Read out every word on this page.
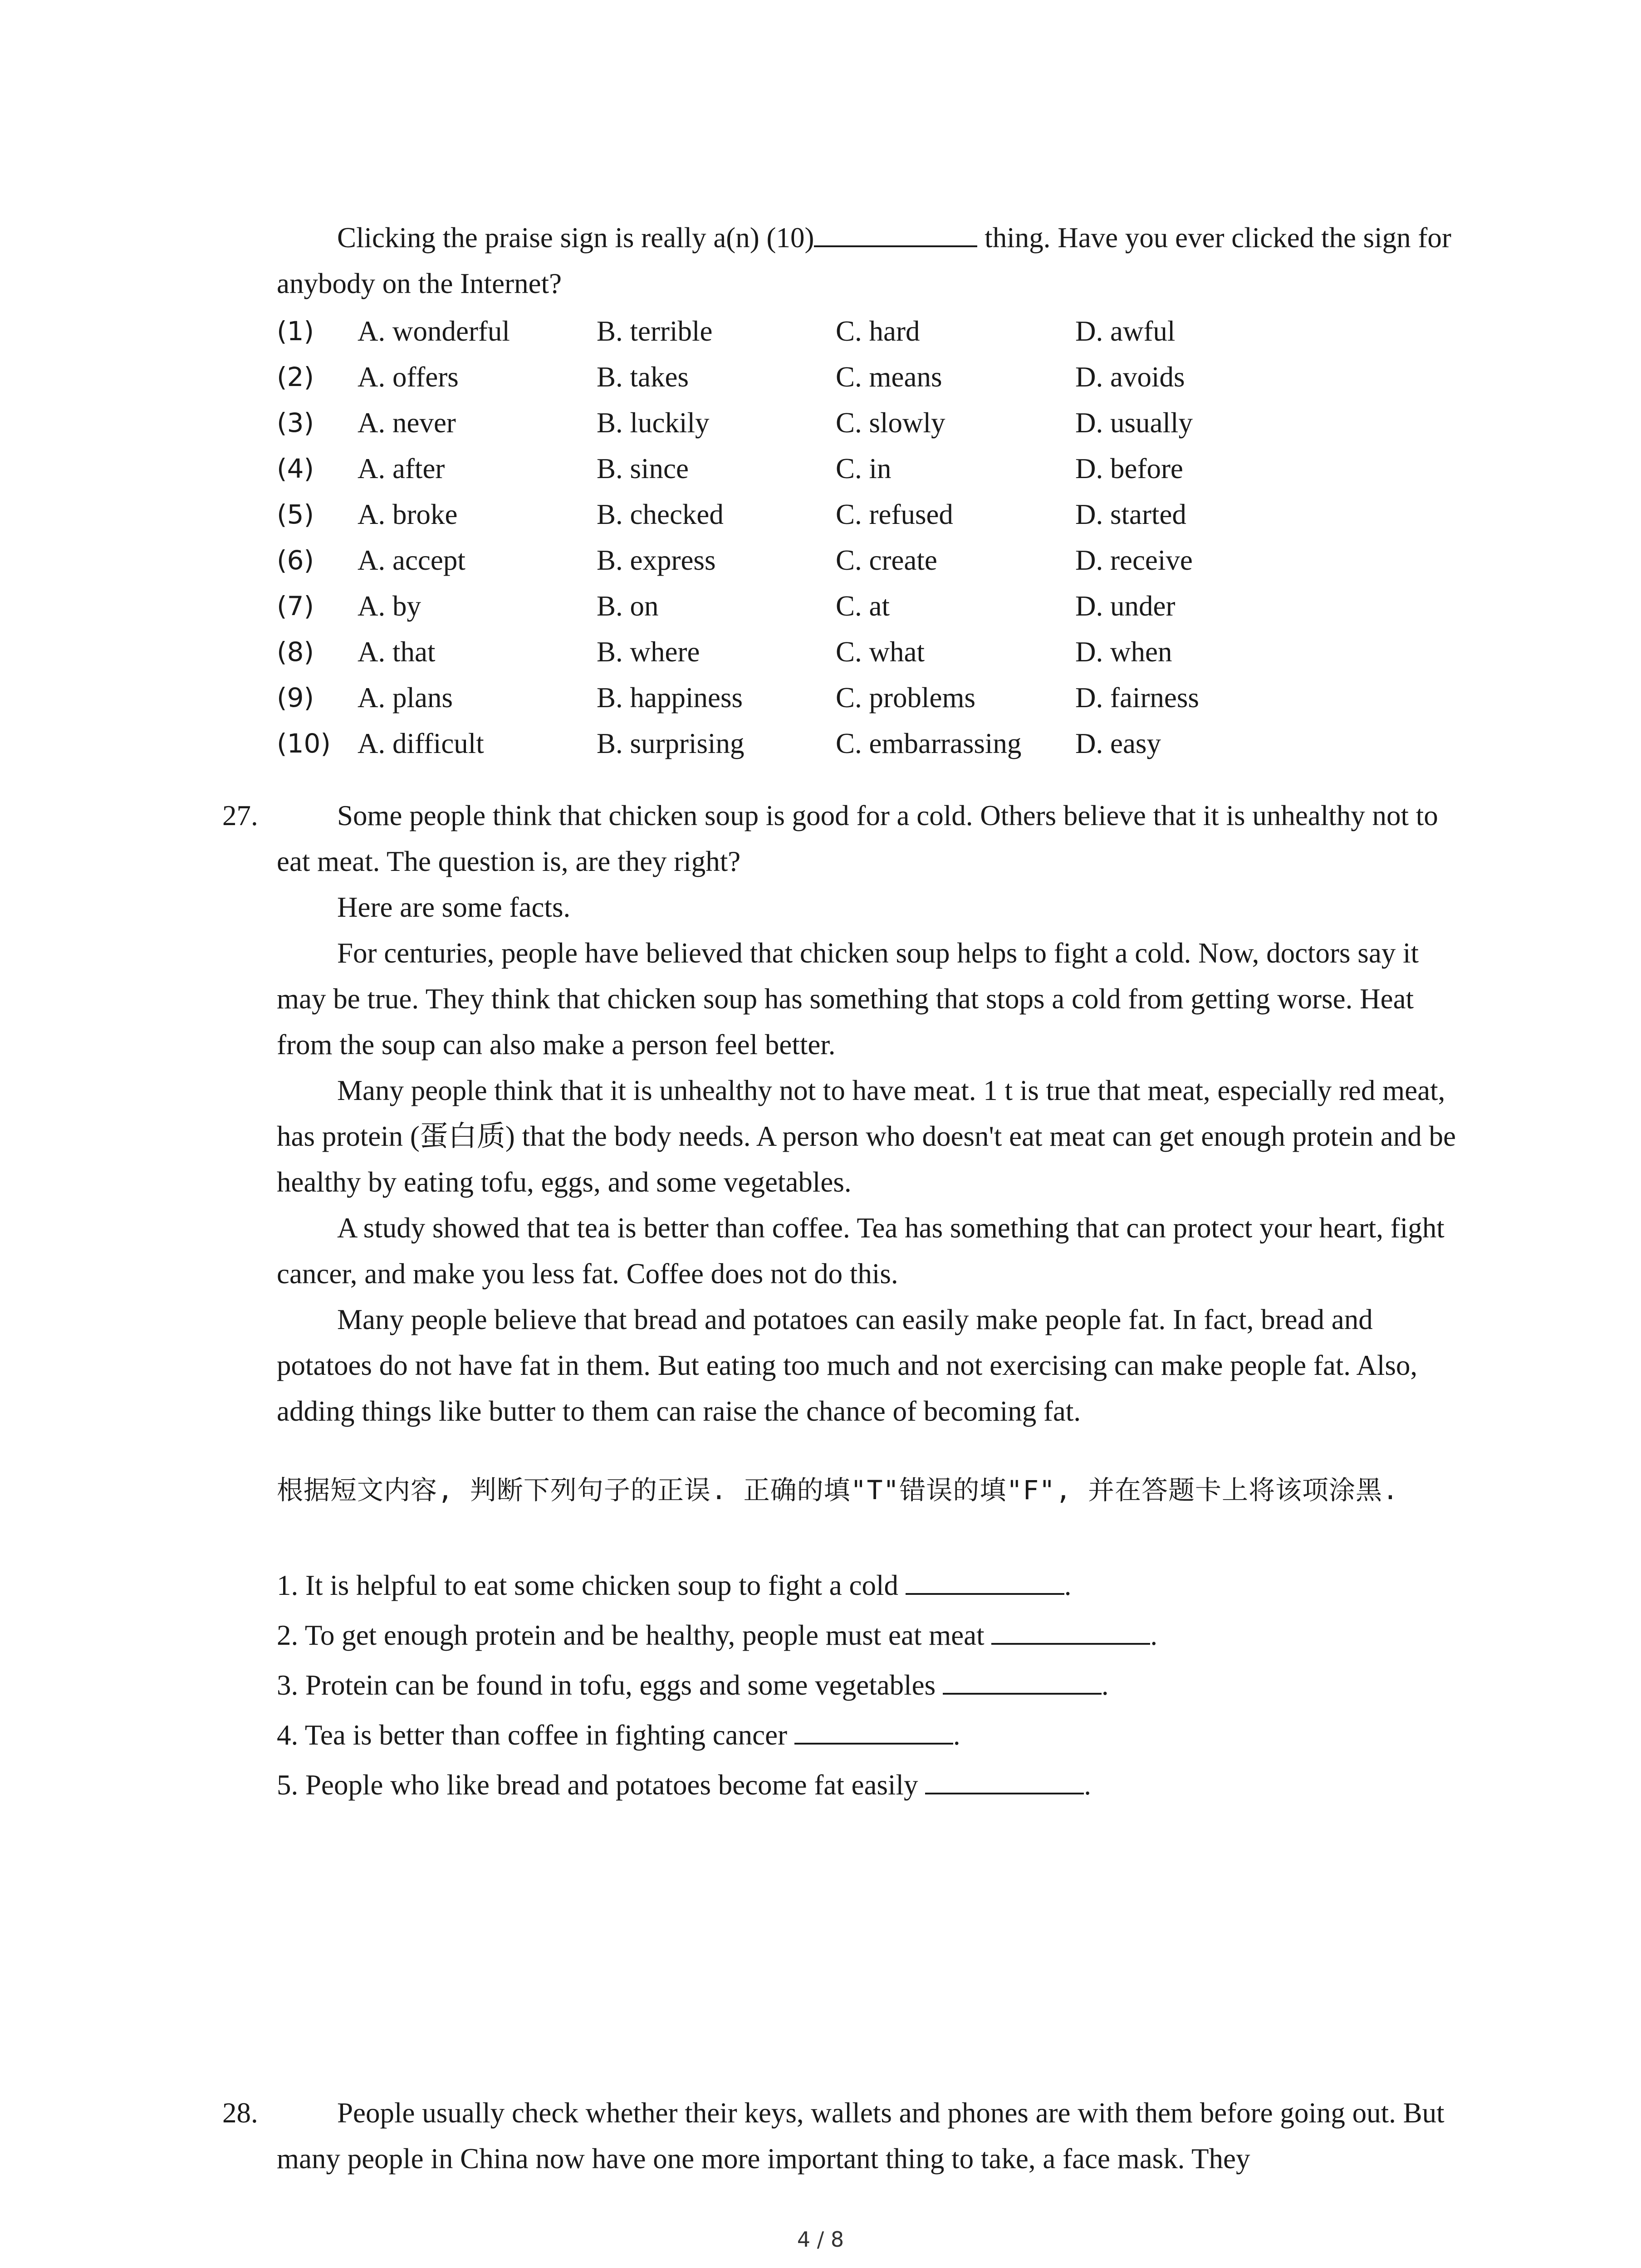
Clicking the praise sign is really a(n) (10)	thing. Have you ever clicked the sign for anybody on the Internet?

(1) A. wonderful	B. terrible	C. hard	D. awful
(2) A. offers	B. takes	C. means	D. avoids
(3) A. never	B. luckily	C. slowly	D. usually
(4) A. after	B. since	C. in	D. before
(5) A. broke	B. checked	C. refused	D. started
(6) A. accept	B. express	C. create	D. receive
(7) A. by	B. on	C. at	D. under
(8) A. that	B. where	C. what	D. when
(9) A. plans	B. happiness	C. problems	D. fairness
(10) A. difficult	B. surprising	C. embarrassing D. easy
27.	Some people think that chicken soup is good for a cold. Others believe that it is unhealthy not to eat meat. The question is, are they right?

Here are some facts.

For centuries, people have believed that chicken soup helps to fight a cold. Now, doctors say it may be true. They think that chicken soup has something that stops a cold from getting worse. Heat from the soup can also make a person feel better.

Many people think that it is unhealthy not to have meat. 1 t is true that meat, especially red meat, has protein (蛋白质) that the body needs. A person who doesn't eat meat can get enough protein and be healthy by eating tofu, eggs, and some vegetables.

A study showed that tea is better than coffee. Tea has something that can protect your heart, fight cancer, and make you less fat. Coffee does not do this.

Many people believe that bread and potatoes can easily make people fat. In fact, bread and potatoes do not have fat in them. But eating too much and not exercising can make people fat. Also, adding things like butter to them can raise the chance of becoming fat.

根据短文内容, 判断下列句子的正误. 正确的填"T"错误的填"F", 并在答题卡上将该项涂黑.
1. It is helpful to eat some chicken soup to fight a cold	.
2. To get enough protein and be healthy, people must eat meat	.
3. Protein can be found in tofu, eggs and some vegetables	.
4. Tea is better than coffee in fighting cancer	.
5. People who like bread and potatoes become fat easily	.
28.	People usually check whether their keys, wallets and phones are with them before going out. But many people in China now have one more important thing to take, a face mask. They

4 / 8
